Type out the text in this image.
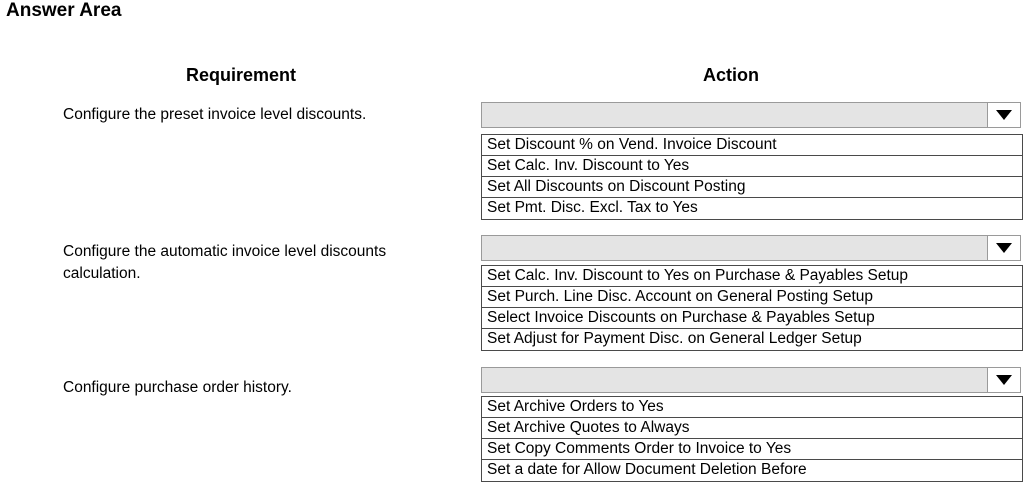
Answer Area
Requirement	Action
Configure the preset invoice level discounts.
Set Discount % on Vend. Invoice Discount
Set Calc. Inv. Discount to Yes
Set All Discounts on Discount Posting
Set Pmt. Disc. Excl. Tax to Yes
Configure the automatic invoice level discounts calculation.	Set Calc. Inv. Discount to Yes on Purchase & Payables Setup
Set Purch. Line Disc. Account on General Posting Setup
Select Invoice Discounts on Purchase & Payables Setup
Set Adjust for Payment Disc. on General Ledger Setup
Configure purchase order history.
Set Archive Orders to Yes
Set Archive Quotes to Always
Set Copy Comments Order to Invoice to Yes
Set a date for Allow Document Deletion Before
